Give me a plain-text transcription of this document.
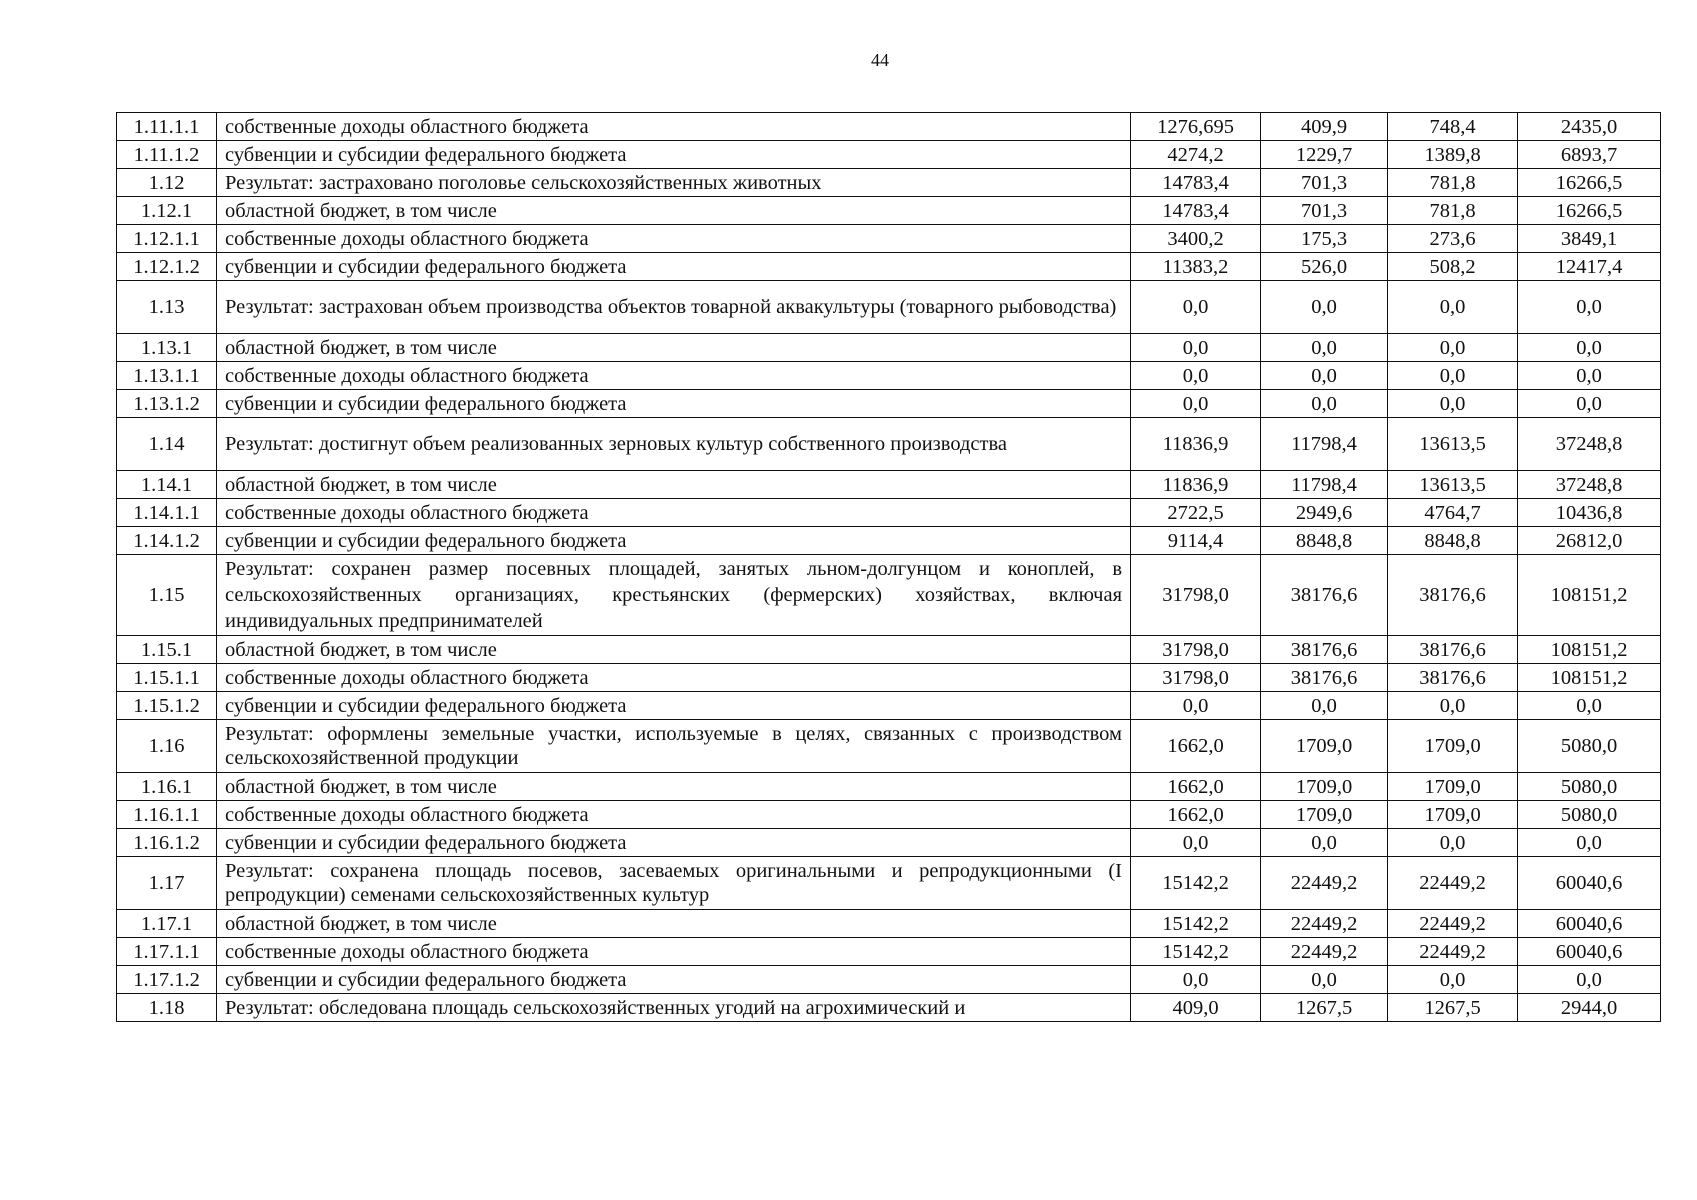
44
1.11.1.1	собственные доходы областного бюджета	1276,695	409,9	748,4	2435,0
1.11.1.2	субвенции и субсидии федерального бюджета	4274,2	1229,7	1389,8	6893,7
1.12	Результат: застраховано поголовье сельскохозяйственных животных	14783,4	701,3	781,8	16266,5
1.12.1	областной бюджет, в том числе	14783,4	701,3	781,8	16266,5
1.12.1.1	собственные доходы областного бюджета	3400,2	175,3	273,6	3849,1
1.12.1.2	субвенции и субсидии федерального бюджета	11383,2	526,0	508,2	12417,4
1.13	Результат: застрахован объем производства объектов товарной аквакультуры (товарного рыбоводства)	0,0	0,0	0,0	0,0
1.13.1	областной бюджет, в том числе	0,0	0,0	0,0	0,0
1.13.1.1	собственные доходы областного бюджета	0,0	0,0	0,0	0,0
1.13.1.2	субвенции и субсидии федерального бюджета	0,0	0,0	0,0	0,0
1.14	Результат: достигнут объем реализованных зерновых культур собственного производства	11836,9	11798,4	13613,5	37248,8
1.14.1	областной бюджет, в том числе	11836,9	11798,4	13613,5	37248,8
1.14.1.1	собственные доходы областного бюджета	2722,5	2949,6	4764,7	10436,8
1.14.1.2	субвенции и субсидии федерального бюджета	9114,4	8848,8	8848,8	26812,0
1.15	Результат: сохранен размер посевных площадей, занятых льном-долгунцом и коноплей, в сельскохозяйственных организациях, крестьянских (фермерских) хозяйствах, включая индивидуальных предпринимателей	31798,0	38176,6	38176,6	108151,2
1.15.1	областной бюджет, в том числе	31798,0	38176,6	38176,6	108151,2
1.15.1.1	собственные доходы областного бюджета	31798,0	38176,6	38176,6	108151,2
1.15.1.2	субвенции и субсидии федерального бюджета	0,0	0,0	0,0	0,0
1.16	Результат: оформлены земельные участки, используемые в целях, связанных с производством сельскохозяйственной продукции	1662,0	1709,0	1709,0	5080,0
1.16.1	областной бюджет, в том числе	1662,0	1709,0	1709,0	5080,0
1.16.1.1	собственные доходы областного бюджета	1662,0	1709,0	1709,0	5080,0
1.16.1.2	субвенции и субсидии федерального бюджета	0,0	0,0	0,0	0,0
1.17	Результат: сохранена площадь посевов, засеваемых оригинальными и репродукционными (I репродукции) семенами сельскохозяйственных культур	15142,2	22449,2	22449,2	60040,6
1.17.1	областной бюджет, в том числе	15142,2	22449,2	22449,2	60040,6
1.17.1.1	собственные доходы областного бюджета	15142,2	22449,2	22449,2	60040,6
1.17.1.2	субвенции и субсидии федерального бюджета	0,0	0,0	0,0	0,0
1.18	Результат: обследована площадь сельскохозяйственных угодий на агрохимический и	409,0	1267,5	1267,5	2944,0
